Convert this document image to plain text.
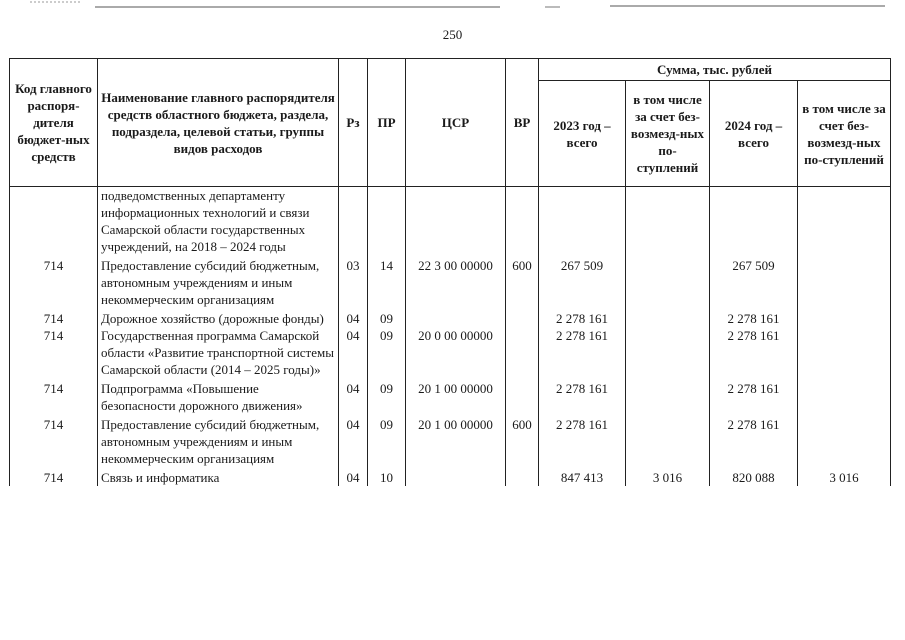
250
Код главного распоря-дителя бюджет-ных средств	Наименование главного распорядителя средств областного бюджета, раздела, подраздела, целевой статьи, группы видов расходов	Рз	ПР	ЦСР	ВР	Сумма, тыс. рублей			
						2023 год – всего	в том числе за счет без-возмезд-ных по-ступлений	2024 год – всего	в том числе за счет без-возмезд-ных по-ступлений
	подведомственных департаменту информационных технологий и связи Самарской области государственных учреждений, на 2018 – 2024 годы								
714	Предоставление субсидий бюджетным, автономным учреждениям и иным некоммерческим организациям	03	14	22 3 00 00000	600	267 509		267 509	
714	Дорожное хозяйство (дорожные фонды)	04	09			2 278 161		2 278 161	
714	Государственная программа Самарской области «Развитие транспортной системы Самарской области (2014 – 2025 годы)»	04	09	20 0 00 00000		2 278 161		2 278 161	
714	Подпрограмма «Повышение безопасности дорожного движения»	04	09	20 1 00 00000		2 278 161		2 278 161	
714	Предоставление субсидий бюджетным, автономным учреждениям и иным некоммерческим организациям	04	09	20 1 00 00000	600	2 278 161		2 278 161	
714	Связь и информатика	04	10			847 413	3 016	820 088	3 016
